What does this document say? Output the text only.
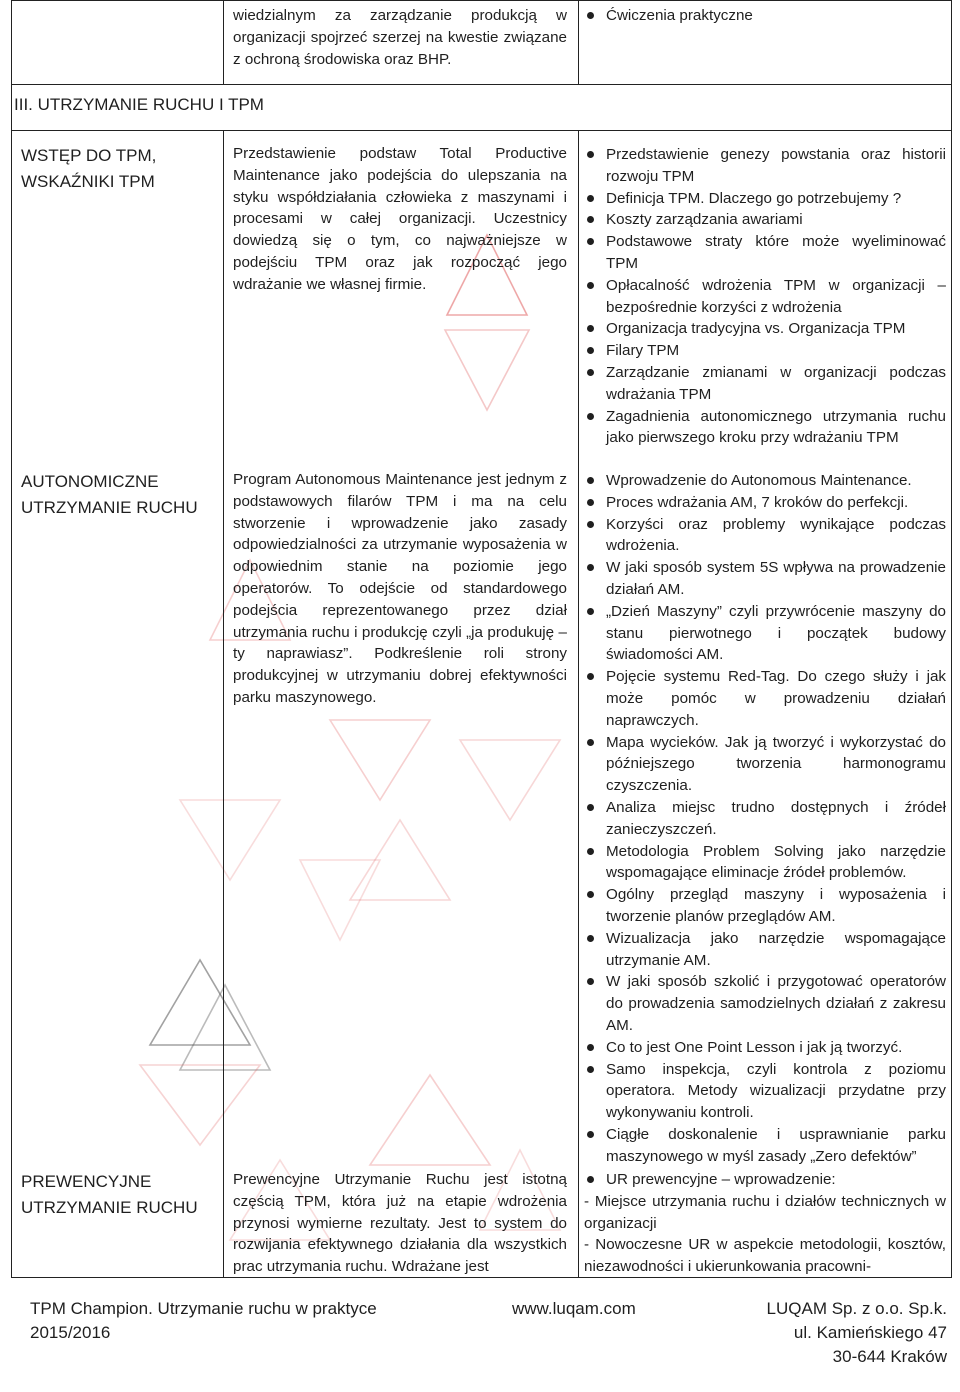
wiedzialnym za zarządzanie produkcją w organizacji spojrzeć szerzej na kwestie związane z ochroną środowiska oraz BHP.
Ćwiczenia praktyczne
III. UTRZYMANIE RUCHU I TPM
WSTĘP DO TPM, WSKAŹNIKI TPM
Przedstawienie podstaw Total Productive Maintenance jako podejścia do ulepszania na styku współdziałania człowieka z maszynami i procesami w całej organizacji. Uczestnicy dowiedzą się o tym, co najważniejsze w podejściu TPM oraz jak rozpocząć jego wdrażanie we własnej firmie.
Przedstawienie genezy powstania oraz historii rozwoju TPM
Definicja TPM. Dlaczego go potrzebujemy ?
Koszty zarządzania awariami
Podstawowe straty które może wyeliminować TPM
Opłacalność wdrożenia TPM w organizacji – bezpośrednie korzyści z wdrożenia
Organizacja tradycyjna vs. Organizacja TPM
Filary TPM
Zarządzanie zmianami w organizacji podczas wdrażania TPM
Zagadnienia autonomicznego utrzymania ruchu jako pierwszego kroku przy wdrażaniu TPM
AUTONOMICZNE UTRZYMANIE RUCHU
Program Autonomous Maintenance jest jednym z podstawowych filarów TPM i ma na celu stworzenie i wprowadzenie jako zasady odpowiedzialności za utrzymanie wyposażenia w odpowiednim stanie na poziomie jego operatorów. To odejście od standardowego podejścia reprezentowanego przez dział utrzymania ruchu i produkcję czyli „ja produkuję – ty naprawiasz”. Podkreślenie roli strony produkcyjnej w utrzymaniu dobrej efektywności parku maszynowego.
Wprowadzenie do Autonomous Maintenance.
Proces wdrażania AM, 7 kroków do perfekcji.
Korzyści oraz problemy wynikające podczas wdrożenia.
W jaki sposób system 5S wpływa na prowadzenie działań AM.
„Dzień Maszyny” czyli przywrócenie maszyny do stanu pierwotnego i początek budowy świadomości AM.
Pojęcie systemu Red-Tag. Do czego służy i jak może pomóc w prowadzeniu działań naprawczych.
Mapa wycieków. Jak ją tworzyć i wykorzystać do późniejszego tworzenia harmonogramu czyszczenia.
Analiza miejsc trudno dostępnych i źródeł zanieczyszczeń.
Metodologia Problem Solving jako narzędzie wspomagające eliminacje źródeł problemów.
Ogólny przegląd maszyny i wyposażenia i tworzenie planów przeglądów AM.
Wizualizacja jako narzędzie wspomagające utrzymanie AM.
W jaki sposób szkolić i przygotować operatorów do prowadzenia samodzielnych działań z zakresu AM.
Co to jest One Point Lesson i jak ją tworzyć.
Samo inspekcja, czyli kontrola z poziomu operatora. Metody wizualizacji przydatne przy wykonywaniu kontroli.
Ciągłe doskonalenie i usprawnianie parku maszynowego w myśl zasady „Zero defektów”
PREWENCYJNE UTRZYMANIE RUCHU
Prewencyjne Utrzymanie Ruchu jest istotną częścią TPM, która już na etapie wdrożenia przynosi wymierne rezultaty. Jest to system do rozwijania efektywnego działania dla wszystkich prac utrzymania ruchu. Wdrażane jest
UR prewencyjne – wprowadzenie:
- Miejsce utrzymania ruchu i działów technicznych w organizacji
- Nowoczesne UR w aspekcie metodologii, kosztów, niezawodności i ukierunkowania pracowni-
TPM Champion. Utrzymanie ruchu w praktyce
2015/2016
www.luqam.com	LUQAM Sp. z o.o. Sp.k.
ul. Kamieńskiego 47
30-644 Kraków
